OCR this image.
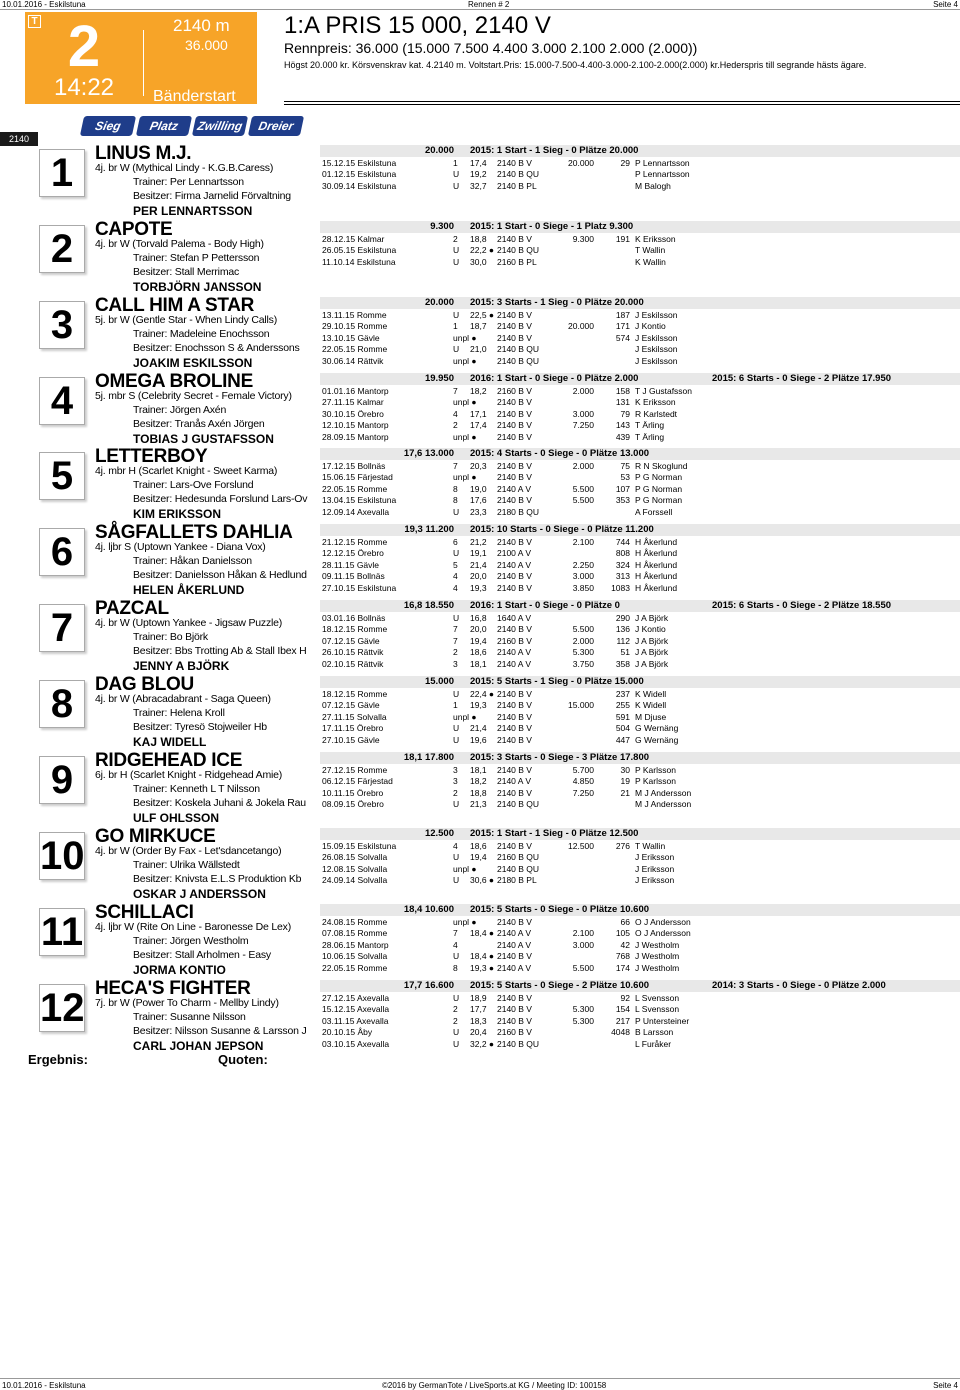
10.01.2016 - Eskilstuna	Rennen # 2	Seite 4
T 2	2140 m
36.000
14:22	Bänderstart
1:A PRIS 15 000, 2140 V
Rennpreis: 36.000 (15.000 7.500 4.400 3.000 2.100 2.000 (2.000))
Högst 20.000 kr. Körsvenskrav kat. 4.2140 m. Voltstart.Pris: 15.000-7.500-4.400-3.000-2.100-2.000(2.000) kr.Hederspris till segrande hästs ägare.
2140
Sieg	Platz	Zwilling	Dreier
1	LINUS M.J.
4j. br W (Mythical Lindy - K.G.B.Caress)
Trainer: Per Lennartsson
Besitzer: Firma Jarnelid Förvaltning
PER LENNARTSSON
20.000 2015: 1 Start - 1 Sieg - 0 Plätze 20.000
15.12.15 Eskilstuna	1 17,4 2140 B V	20.000	29 P Lennartsson
01.12.15 Eskilstuna	U 19,2 2140 B QU	P Lennartsson
30.09.14 Eskilstuna	U 32,7 2140 B PL	M Balogh
2	CAPOTE
4j. br W (Torvald Palema - Body High)
Trainer: Stefan P Pettersson
Besitzer: Stall Merrimac
TORBJÖRN JANSSON
9.300 2015: 1 Start - 0 Siege - 1 Platz 9.300
28.12.15 Kalmar	2 18,8 2140 B V	9.300	191 K Eriksson
26.05.15 Eskilstuna	U 22,2 ● 2140 B QU	T Wallin
11.10.14 Eskilstuna	U 30,0 2160 B PL	K Wallin
3	CALL HIM A STAR
5j. br W (Gentle Star - When Lindy Calls)
Trainer: Madeleine Enochsson
Besitzer: Enochsson S & Anderssons
JOAKIM ESKILSSON
20.000 2015: 3 Starts - 1 Sieg - 0 Plätze 20.000
13.11.15 Romme	U 22,5 ● 2140 B V	187 J Eskilsson
29.10.15 Romme	1 18,7 2140 B V	20.000	171 J Kontio
13.10.15 Gävle	unpl ● 2140 B V	574 J Eskilsson
22.05.15 Romme	U 21,0 2140 B QU	J Eskilsson
30.06.14 Rättvik	unpl ● 2140 B QU	J Eskilsson
4	OMEGA BROLINE
5j. mbr S (Celebrity Secret - Female Victory)
Trainer: Jörgen Axén
Besitzer: Tranås Axén Jörgen
TOBIAS J GUSTAFSSON
19.950 2016: 1 Start - 0 Siege - 0 Plätze 2.000	2015: 6 Starts - 0 Siege - 2 Plätze 17.950
01.01.16 Mantorp	7 18,2 2160 B V	2.000	158 T J Gustafsson
27.11.15 Kalmar	unpl ● 2140 B V	131 K Eriksson
30.10.15 Örebro	4 17,1 2140 B V	3.000	79 R Karlstedt
12.10.15 Mantorp	2 17,4 2140 B V	7.250	143 T Ärling
28.09.15 Mantorp	unpl ● 2140 B V	439 T Ärling
5	LETTERBOY
4j. mbr H (Scarlet Knight - Sweet Karma)
Trainer: Lars-Ove Forslund
Besitzer: Hedesunda Forslund Lars-Ov
KIM ERIKSSON
17,6 13.000 2015: 4 Starts - 0 Siege - 0 Plätze 13.000
17.12.15 Bollnäs	7 20,3 2140 B V	2.000	75 R N Skoglund
15.06.15 Färjestad	unpl ● 2140 B V	53 P G Norman
22.05.15 Romme	8 19,0 2140 A V	5.500	107 P G Norman
13.04.15 Eskilstuna	8 17,6 2140 B V	5.500	353 P G Norman
12.09.14 Axevalla	U 23,3 2180 B QU	A Forssell
6	SÅGFALLETS DAHLIA
4j. ljbr S (Uptown Yankee - Diana Vox)
Trainer: Håkan Danielsson
Besitzer: Danielsson Håkan & Hedlund
HELEN ÅKERLUND
19,3 11.200 2015: 10 Starts - 0 Siege - 0 Plätze 11.200
21.12.15 Romme	6 21,2 2140 B V	2.100	744 H Åkerlund
12.12.15 Örebro	U 19,1 2100 A V	808 H Åkerlund
28.11.15 Gävle	5 21,4 2140 A V	2.250	324 H Åkerlund
09.11.15 Bollnäs	4 20,0 2140 B V	3.000	313 H Åkerlund
27.10.15 Eskilstuna	4 19,3 2140 B V	3.850	1083 H Åkerlund
7	PAZCAL
4j. br W (Uptown Yankee - Jigsaw Puzzle)
Trainer: Bo Björk
Besitzer: Bbs Trotting Ab & Stall Ibex H
JENNY A BJÖRK
16,8 18.550 2016: 1 Start - 0 Siege - 0 Plätze 0	2015: 6 Starts - 0 Siege - 2 Plätze 18.550
03.01.16 Bollnäs	U 16,8 1640 A V	290 J A Björk
18.12.15 Romme	7 20,0 2140 B V	5.500	136 J Kontio
07.12.15 Gävle	7 19,4 2160 B V	2.000	112 J A Björk
26.10.15 Rättvik	2 18,6 2140 A V	5.300	51 J A Björk
02.10.15 Rättvik	3 18,1 2140 A V	3.750	358 J A Björk
8	DAG BLOU
4j. br W (Abracadabrant - Saga Queen)
Trainer: Helena Kroll
Besitzer: Tyresö Stojweiler Hb
KAJ WIDELL
15.000 2015: 5 Starts - 1 Sieg - 0 Plätze 15.000
18.12.15 Romme	U 22,4 ● 2140 B V	237 K Widell
07.12.15 Gävle	1 19,3 2140 B V	15.000	255 K Widell
27.11.15 Solvalla	unpl ● 2140 B V	591 M Djuse
17.11.15 Örebro	U 21,4 2140 B V	504 G Wernäng
27.10.15 Gävle	U 19,6 2140 B V	447 G Wernäng
9	RIDGEHEAD ICE
6j. br H (Scarlet Knight - Ridgehead Amie)
Trainer: Kenneth L T Nilsson
Besitzer: Koskela Juhani & Jokela Rau
ULF OHLSSON
18,1 17.800 2015: 3 Starts - 0 Siege - 3 Plätze 17.800
27.12.15 Romme	3 18,1 2140 B V	5.700	30 P Karlsson
06.12.15 Färjestad	3 18,2 2140 A V	4.850	19 P Karlsson
10.11.15 Örebro	2 18,8 2140 B V	7.250	21 M J Andersson
08.09.15 Örebro	U 21,3 2140 B QU	M J Andersson
10 GO MIRKUCE
4j. br W (Order By Fax - Let'sdancetango)
Trainer: Ulrika Wällstedt
Besitzer: Knivsta E.L.S Produktion Kb
OSKAR J ANDERSSON
12.500 2015: 1 Start - 1 Sieg - 0 Plätze 12.500
15.09.15 Eskilstuna	4 18,6 2140 B V	12.500	276 T Wallin
26.08.15 Solvalla	U 19,4 2160 B QU	J Eriksson
12.08.15 Solvalla	unpl ● 2140 B QU	J Eriksson
24.09.14 Solvalla	U 30,6 ● 2180 B PL	J Eriksson
11 SCHILLACI
4j. ljbr W (Rite On Line - Baronesse De Lex)
Trainer: Jörgen Westholm
Besitzer: Stall Arholmen - Easy
JORMA KONTIO
18,4 10.600 2015: 5 Starts - 0 Siege - 0 Plätze 10.600
24.08.15 Romme	unpl ● 2140 B V	66 O J Andersson
07.08.15 Romme	7 18,4 ● 2140 A V	2.100	105 O J Andersson
28.06.15 Mantorp	4	2140 A V	3.000	42 J Westholm
10.06.15 Solvalla	U 18,4 ● 2140 B V	768 J Westholm
22.05.15 Romme	8 19,3 ● 2140 A V	5.500	174 J Westholm
12 HECA'S FIGHTER
7j. br W (Power To Charm - Mellby Lindy)
Trainer: Susanne Nilsson
Besitzer: Nilsson Susanne & Larsson J
CARL JOHAN JEPSON
17,7 16.600 2015: 5 Starts - 0 Siege - 2 Plätze 10.600	2014: 3 Starts - 0 Siege - 0 Plätze 2.000
27.12.15 Axevalla	U 18,9 2140 B V	92 L Svensson
15.12.15 Axevalla	2 17,7 2140 B V	5.300	154 L Svensson
03.11.15 Axevalla	2 18,3 2140 B V	5.300	217 P Untersteiner
20.10.15 Åby	U 20,4 2160 B V	4048 B Larsson
03.10.15 Axevalla	U 32,2 ● 2140 B QU	L Furåker
Ergebnis:	Quoten:
10.01.2016 - Eskilstuna	©2016 by GermanTote / LiveSports.at KG / Meeting ID: 100158	Seite 4
